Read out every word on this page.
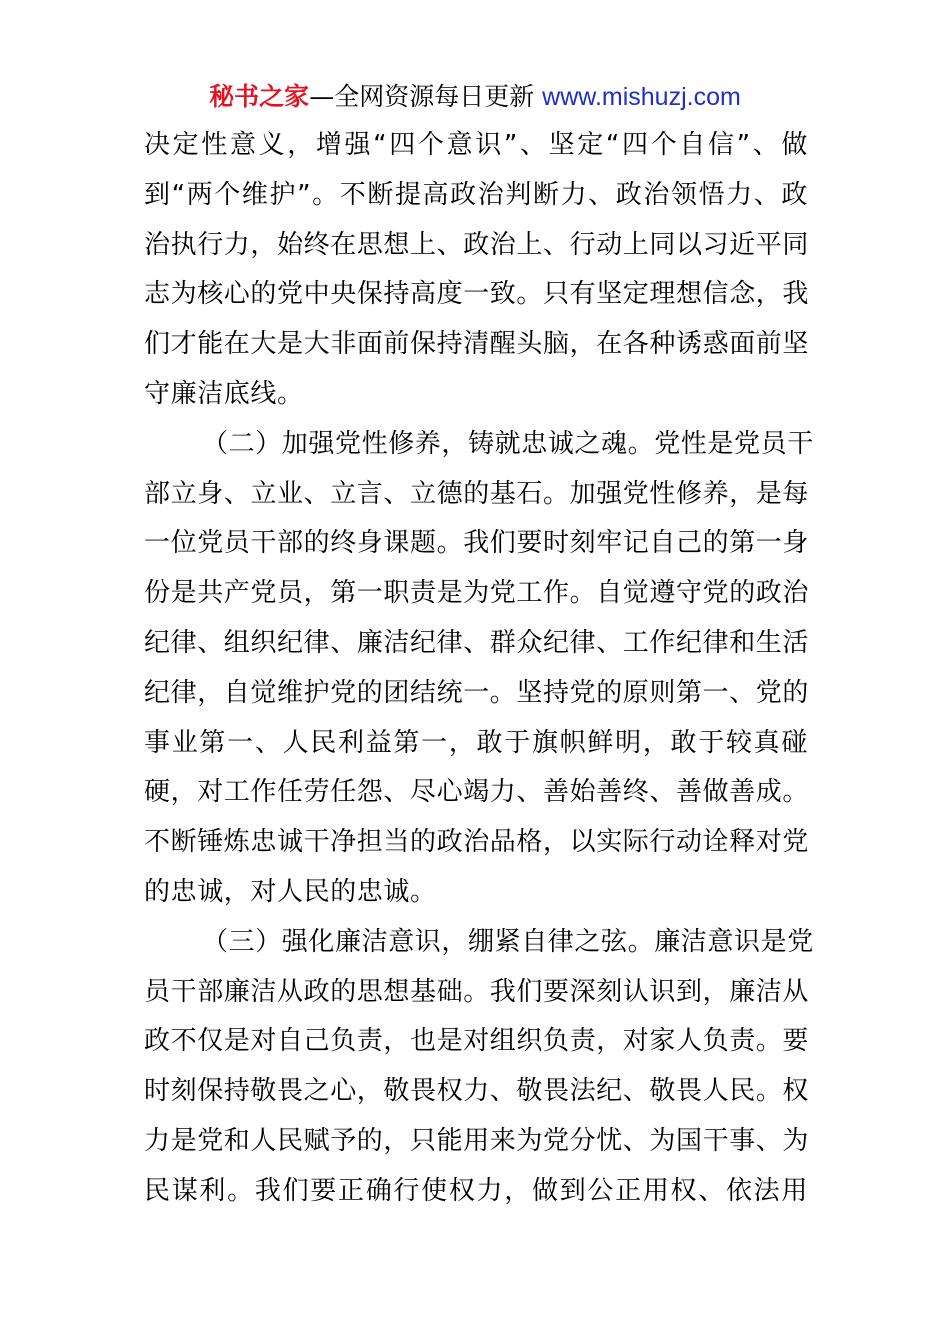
秘书之家—全网资源每日更新 www.mishuzj.com
决定性意义，增强“四个意识”、坚定“四个自信”、做
到“两个维护”。不断提高政治判断力、政治领悟力、政
治执行力，始终在思想上、政治上、行动上同以习近平同
志为核心的党中央保持高度一致。只有坚定理想信念，我
们才能在大是大非面前保持清醒头脑，在各种诱惑面前坚
守廉洁底线。
（二）加强党性修养，铸就忠诚之魂。党性是党员干
部立身、立业、立言、立德的基石。加强党性修养，是每
一位党员干部的终身课题。我们要时刻牢记自己的第一身
份是共产党员，第一职责是为党工作。自觉遵守党的政治
纪律、组织纪律、廉洁纪律、群众纪律、工作纪律和生活
纪律，自觉维护党的团结统一。坚持党的原则第一、党的
事业第一、人民利益第一，敢于旗帜鲜明，敢于较真碰
硬，对工作任劳任怨、尽心竭力、善始善终、善做善成。
不断锤炼忠诚干净担当的政治品格，以实际行动诠释对党
的忠诚，对人民的忠诚。
（三）强化廉洁意识，绷紧自律之弦。廉洁意识是党
员干部廉洁从政的思想基础。我们要深刻认识到，廉洁从
政不仅是对自己负责，也是对组织负责，对家人负责。要
时刻保持敬畏之心，敬畏权力、敬畏法纪、敬畏人民。权
力是党和人民赋予的，只能用来为党分忧、为国干事、为
民谋利。我们要正确行使权力，做到公正用权、依法用
